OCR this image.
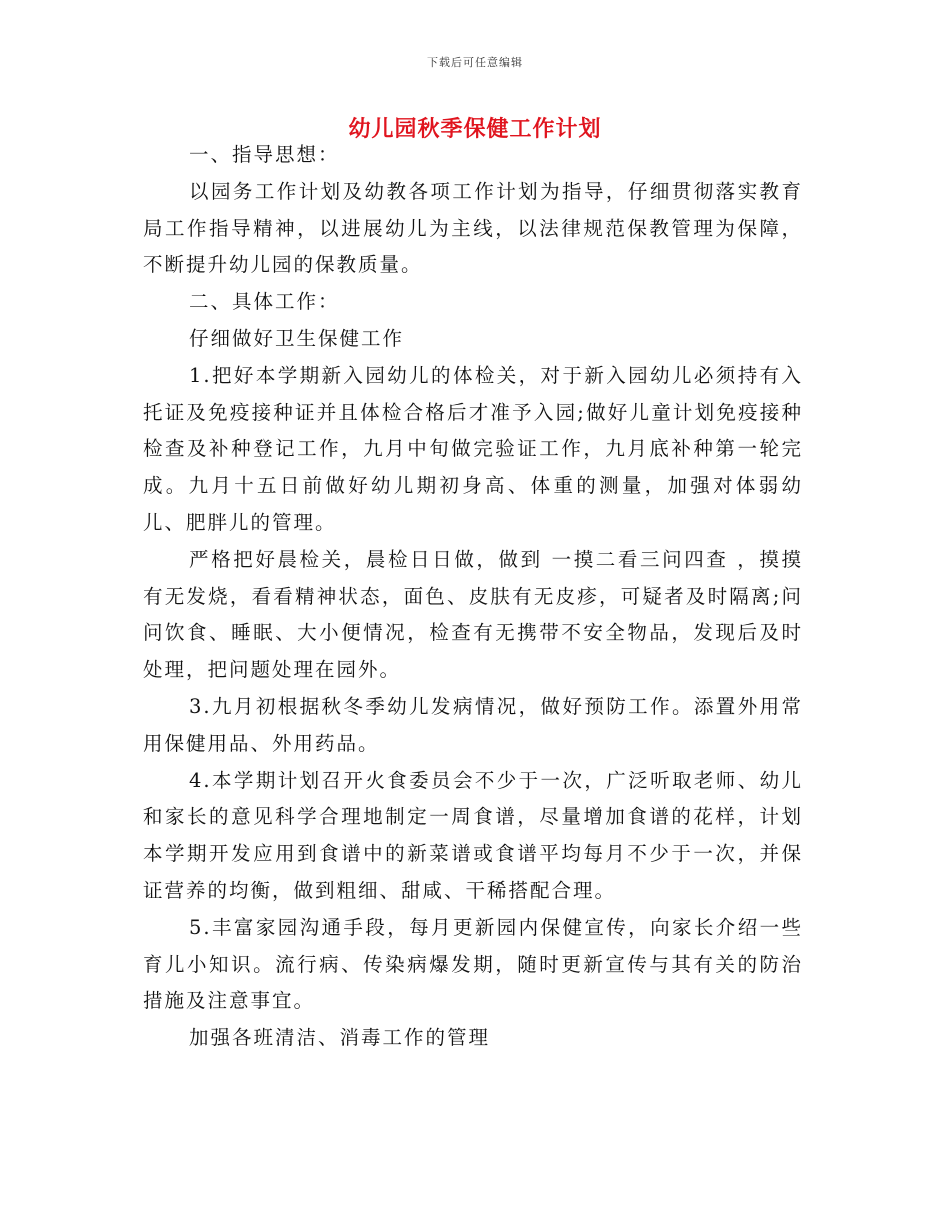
下载后可任意编辑
幼儿园秋季保健工作计划

一、指导思想：

以园务工作计划及幼教各项工作计划为指导，仔细贯彻落实教育局工作指导精神，以进展幼儿为主线，以法律规范保教管理为保障，不断提升幼儿园的保教质量。

二、具体工作：

仔细做好卫生保健工作

1.把好本学期新入园幼儿的体检关，对于新入园幼儿必须持有入托证及免疫接种证并且体检合格后才准予入园;做好儿童计划免疫接种检查及补种登记工作，九月中旬做完验证工作，九月底补种第一轮完成。九月十五日前做好幼儿期初身高、体重的测量，加强对体弱幼儿、肥胖儿的管理。

严格把好晨检关，晨检日日做，做到 一摸二看三问四查 ，摸摸有无发烧，看看精神状态，面色、皮肤有无皮疹，可疑者及时隔离;问问饮食、睡眠、大小便情况，检查有无携带不安全物品，发现后及时处理，把问题处理在园外。

3.九月初根据秋冬季幼儿发病情况，做好预防工作。添置外用常用保健用品、外用药品。

4.本学期计划召开火食委员会不少于一次，广泛听取老师、幼儿和家长的意见科学合理地制定一周食谱，尽量增加食谱的花样，计划本学期开发应用到食谱中的新菜谱或食谱平均每月不少于一次，并保证营养的均衡，做到粗细、甜咸、干稀搭配合理。

5.丰富家园沟通手段，每月更新园内保健宣传，向家长介绍一些育儿小知识。流行病、传染病爆发期，随时更新宣传与其有关的防治措施及注意事宜。

加强各班清洁、消毒工作的管理
